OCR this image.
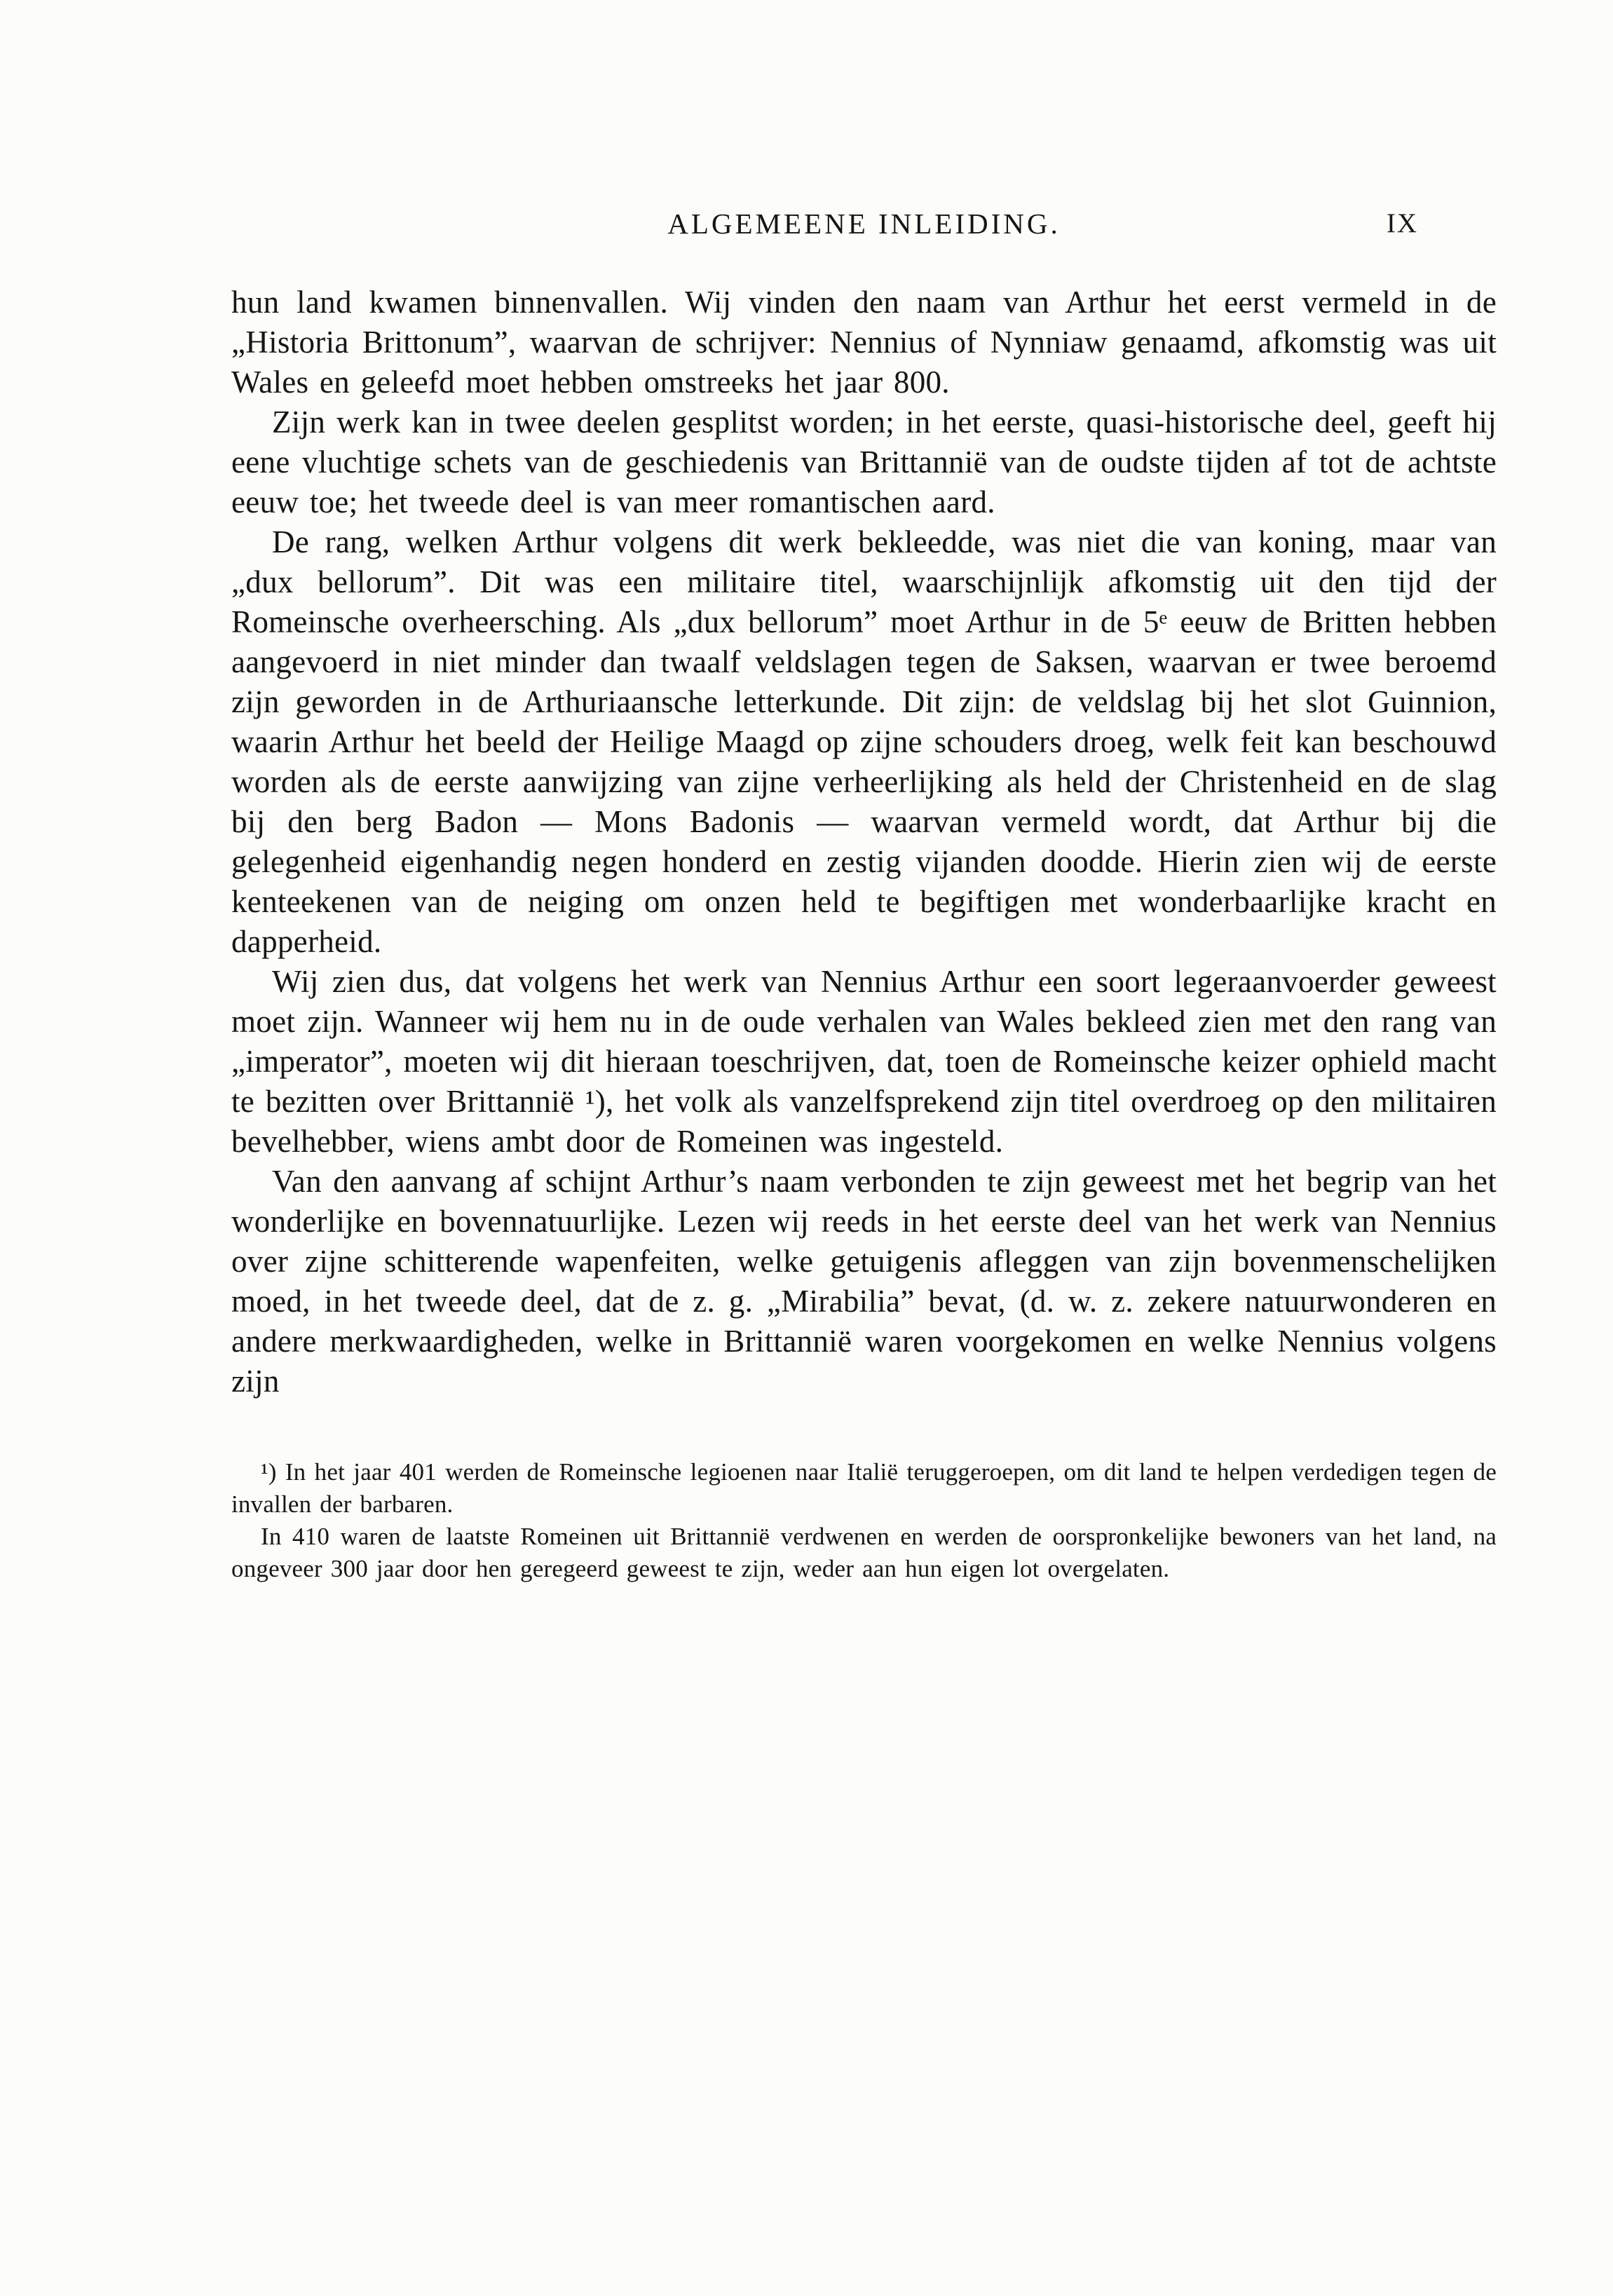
ALGEMEENE INLEIDING.	IX

hun land kwamen binnenvallen. Wij vinden den naam van Arthur het eerst vermeld in de „Historia Brittonum”, waarvan de schrijver: Nennius of Nynniaw genaamd, afkomstig was uit Wales en geleefd moet hebben omstreeks het jaar 800.

Zijn werk kan in twee deelen gesplitst worden; in het eerste, quasi-historische deel, geeft hij eene vluchtige schets van de geschiedenis van Brittannië van de oudste tijden af tot de achtste eeuw toe; het tweede deel is van meer romantischen aard.

De rang, welken Arthur volgens dit werk bekleedde, was niet die van koning, maar van „dux bellorum”. Dit was een militaire titel, waarschijnlijk afkomstig uit den tijd der Romeinsche overheersching. Als „dux bellorum” moet Arthur in de 5ᵉ eeuw de Britten hebben aangevoerd in niet minder dan twaalf veldslagen tegen de Saksen, waarvan er twee beroemd zijn geworden in de Arthuriaansche letterkunde. Dit zijn: de veldslag bij het slot Guinnion, waarin Arthur het beeld der Heilige Maagd op zijne schouders droeg, welk feit kan beschouwd worden als de eerste aanwijzing van zijne verheerlijking als held der Christenheid en de slag bij den berg Badon — Mons Badonis — waarvan vermeld wordt, dat Arthur bij die gelegenheid eigenhandig negen honderd en zestig vijanden doodde. Hierin zien wij de eerste kenteekenen van de neiging om onzen held te begiftigen met wonderbaarlijke kracht en dapperheid.

Wij zien dus, dat volgens het werk van Nennius Arthur een soort legeraanvoerder geweest moet zijn. Wanneer wij hem nu in de oude verhalen van Wales bekleed zien met den rang van „imperator”, moeten wij dit hieraan toeschrijven, dat, toen de Romeinsche keizer ophield macht te bezitten over Brittannië ¹), het volk als vanzelfsprekend zijn titel overdroeg op den militairen bevelhebber, wiens ambt door de Romeinen was ingesteld.

Van den aanvang af schijnt Arthur’s naam verbonden te zijn geweest met het begrip van het wonderlijke en bovennatuurlijke. Lezen wij reeds in het eerste deel van het werk van Nennius over zijne schitterende wapenfeiten, welke getuigenis afleggen van zijn bovenmenschelijken moed, in het tweede deel, dat de z. g. „Mirabilia” bevat, (d. w. z. zekere natuurwonderen en andere merkwaardigheden, welke in Brittannië waren voorgekomen en welke Nennius volgens zijn

¹) In het jaar 401 werden de Romeinsche legioenen naar Italië teruggeroepen, om dit land te helpen verdedigen tegen de invallen der barbaren.

In 410 waren de laatste Romeinen uit Brittannië verdwenen en werden de oorspronkelijke bewoners van het land, na ongeveer 300 jaar door hen geregeerd geweest te zijn, weder aan hun eigen lot overgelaten.
